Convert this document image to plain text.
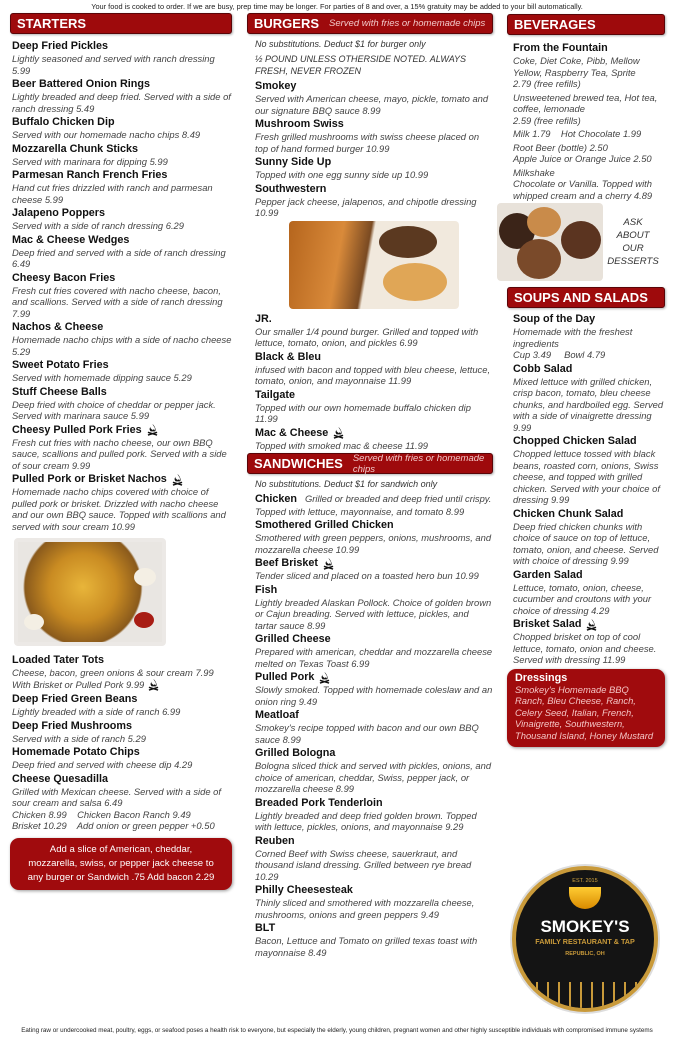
Your food is cooked to order. If we are busy, prep time may be longer. For parties of 8 and over, a 15% gratuity may be added to your bill automatically.
STARTERS
Deep Fried Pickles
Lightly seasoned and served with ranch dressing 5.99
Beer Battered Onion Rings
Lightly breaded and deep fried. Served with a side of ranch dressing 5.49
Buffalo Chicken Dip
Served with our homemade nacho chips 8.49
Mozzarella Chunk Sticks
Served with marinara for dipping 5.99
Parmesan Ranch French Fries
Hand cut fries drizzled with ranch and parmesan cheese 5.99
Jalapeno Poppers
Served with a side of ranch dressing 6.29
Mac & Cheese Wedges
Deep fried and served with a side of ranch dressing 6.49
Cheesy Bacon Fries
Fresh cut fries covered with nacho cheese, bacon, and scallions. Served with a side of ranch dressing 7.99
Nachos & Cheese
Homemade nacho chips with a side of nacho cheese 5.29
Sweet Potato Fries
Served with homemade dipping sauce 5.29
Stuff Cheese Balls
Deep fried with choice of cheddar or pepper jack. Served with marinara sauce 5.99
Cheesy Pulled Pork Fries
Fresh cut fries with nacho cheese, our own BBQ sauce, scallions and pulled pork. Served with a side of sour cream 9.99
Pulled Pork or Brisket Nachos
Homemade nacho chips covered with choice of pulled pork or brisket. Drizzled with nacho cheese and our own BBQ sauce. Topped with scallions and served with sour cream 10.99
Loaded Tater Tots
Cheese, bacon, green onions & sour cream 7.99
With Brisket or Pulled Pork 9.99
Deep Fried Green Beans
Lightly breaded with a side of ranch 6.99
Deep Fried Mushrooms
Served with a side of ranch 5.29
Homemade Potato Chips
Deep fried and served with cheese dip 4.29
Cheese Quesadilla
Grilled with Mexican cheese. Served with a side of sour cream and salsa 6.49
Chicken 8.99    Chicken Bacon Ranch 9.49
Brisket 10.29    Add onion or green pepper +0.50
Add a slice of American, cheddar, mozzarella, swiss, or pepper jack cheese to any burger or Sandwich .75 Add bacon 2.29
BURGERS Served with fries or homemade chips
No substitutions. Deduct $1 for burger only
½ POUND UNLESS OTHERSIDE NOTED. ALWAYS FRESH, NEVER FROZEN
Smokey
Served with American cheese, mayo, pickle, tomato and our signature BBQ sauce 8.99
Mushroom Swiss
Fresh grilled mushrooms with swiss cheese placed on top of hand formed burger 10.99
Sunny Side Up
Topped with one egg sunny side up 10.99
Southwestern
Pepper jack cheese, jalapenos, and chipotle dressing 10.99
JR.
Our smaller 1/4 pound burger. Grilled and topped with lettuce, tomato, onion, and pickles 6.99
Black & Bleu
infused with bacon and topped with bleu cheese, lettuce, tomato, onion, and mayonnaise 11.99
Tailgate
Topped with our own homemade buffalo chicken dip 11.99
Mac & Cheese
Topped with smoked mac & cheese 11.99
SANDWICHES Served with fries or homemade chips
No substitutions. Deduct $1 for sandwich only
Chicken Grilled or breaded and deep fried until crispy. Topped with lettuce, mayonnaise, and tomato 8.99
Smothered Grilled Chicken
Smothered with green peppers, onions, mushrooms, and mozzarella cheese 10.99
Beef Brisket
Tender sliced and placed on a toasted hero bun 10.99
Fish
Lightly breaded Alaskan Pollock. Choice of golden brown or Cajun breading. Served with lettuce, pickles, and tartar sauce 8.99
Grilled Cheese
Prepared with american, cheddar and mozzarella cheese melted on Texas Toast 6.99
Pulled Pork
Slowly smoked. Topped with homemade coleslaw and an onion ring 9.49
Meatloaf
Smokey's recipe topped with bacon and our own BBQ sauce 8.99
Grilled Bologna
Bologna sliced thick and served with pickles, onions, and choice of american, cheddar, Swiss, pepper jack, or mozzarella cheese 8.99
Breaded Pork Tenderloin
Lightly breaded and deep fried golden brown. Topped with lettuce, pickles, onions, and mayonnaise 9.29
Reuben
Corned Beef with Swiss cheese, sauerkraut, and thousand island dressing. Grilled between rye bread 10.29
Philly Cheesesteak
Thinly sliced and smothered with mozzarella cheese, mushrooms, onions and green peppers 9.49
BLT
Bacon, Lettuce and Tomato on grilled texas toast with mayonnaise 8.49
BEVERAGES
From the Fountain
Coke, Diet Coke, Pibb, Mellow Yellow, Raspberry Tea, Sprite
2.79 (free refills)
Unsweetened brewed tea, Hot tea, coffee, lemonade
2.59 (free refills)
Milk 1.79    Hot Chocolate 1.99
Root Beer (bottle) 2.50
Apple Juice or Orange Juice 2.50
Milkshake
Chocolate or Vanilla. Topped with whipped cream and a cherry 4.89
ASK ABOUT OUR DESSERTS
SOUPS AND SALADS
Soup of the Day
Homemade with the freshest ingredients
Cup 3.49     Bowl 4.79
Cobb Salad
Mixed lettuce with grilled chicken, crisp bacon, tomato, bleu cheese chunks, and hardboiled egg. Served with a side of vinaigrette dressing 9.99
Chopped Chicken Salad
Chopped lettuce tossed with black beans, roasted corn, onions, Swiss cheese, and topped with grilled chicken. Served with your choice of dressing 9.99
Chicken Chunk Salad
Deep fried chicken chunks with choice of sauce on top of lettuce, tomato, onion, and cheese. Served with choice of dressing 9.99
Garden Salad
Lettuce, tomato, onion, cheese, cucumber and croutons with your choice of dressing 4.29
Brisket Salad
Chopped brisket on top of cool lettuce, tomato, onion and cheese. Served with dressing 11.99
Dressings
Smokey's Homemade BBQ Ranch, Bleu Cheese, Ranch, Celery Seed, Italian, French, Vinaigrette, Southwestern, Thousand Island, Honey Mustard
EST. 2015
SMOKEY'S
FAMILY RESTAURANT & TAP
REPUBLIC, OH
Eating raw or undercooked meat, poultry, eggs, or seafood poses a health risk to everyone, but especially the elderly, young children, pregnant women and other highly susceptible individuals with compromised immune systems
